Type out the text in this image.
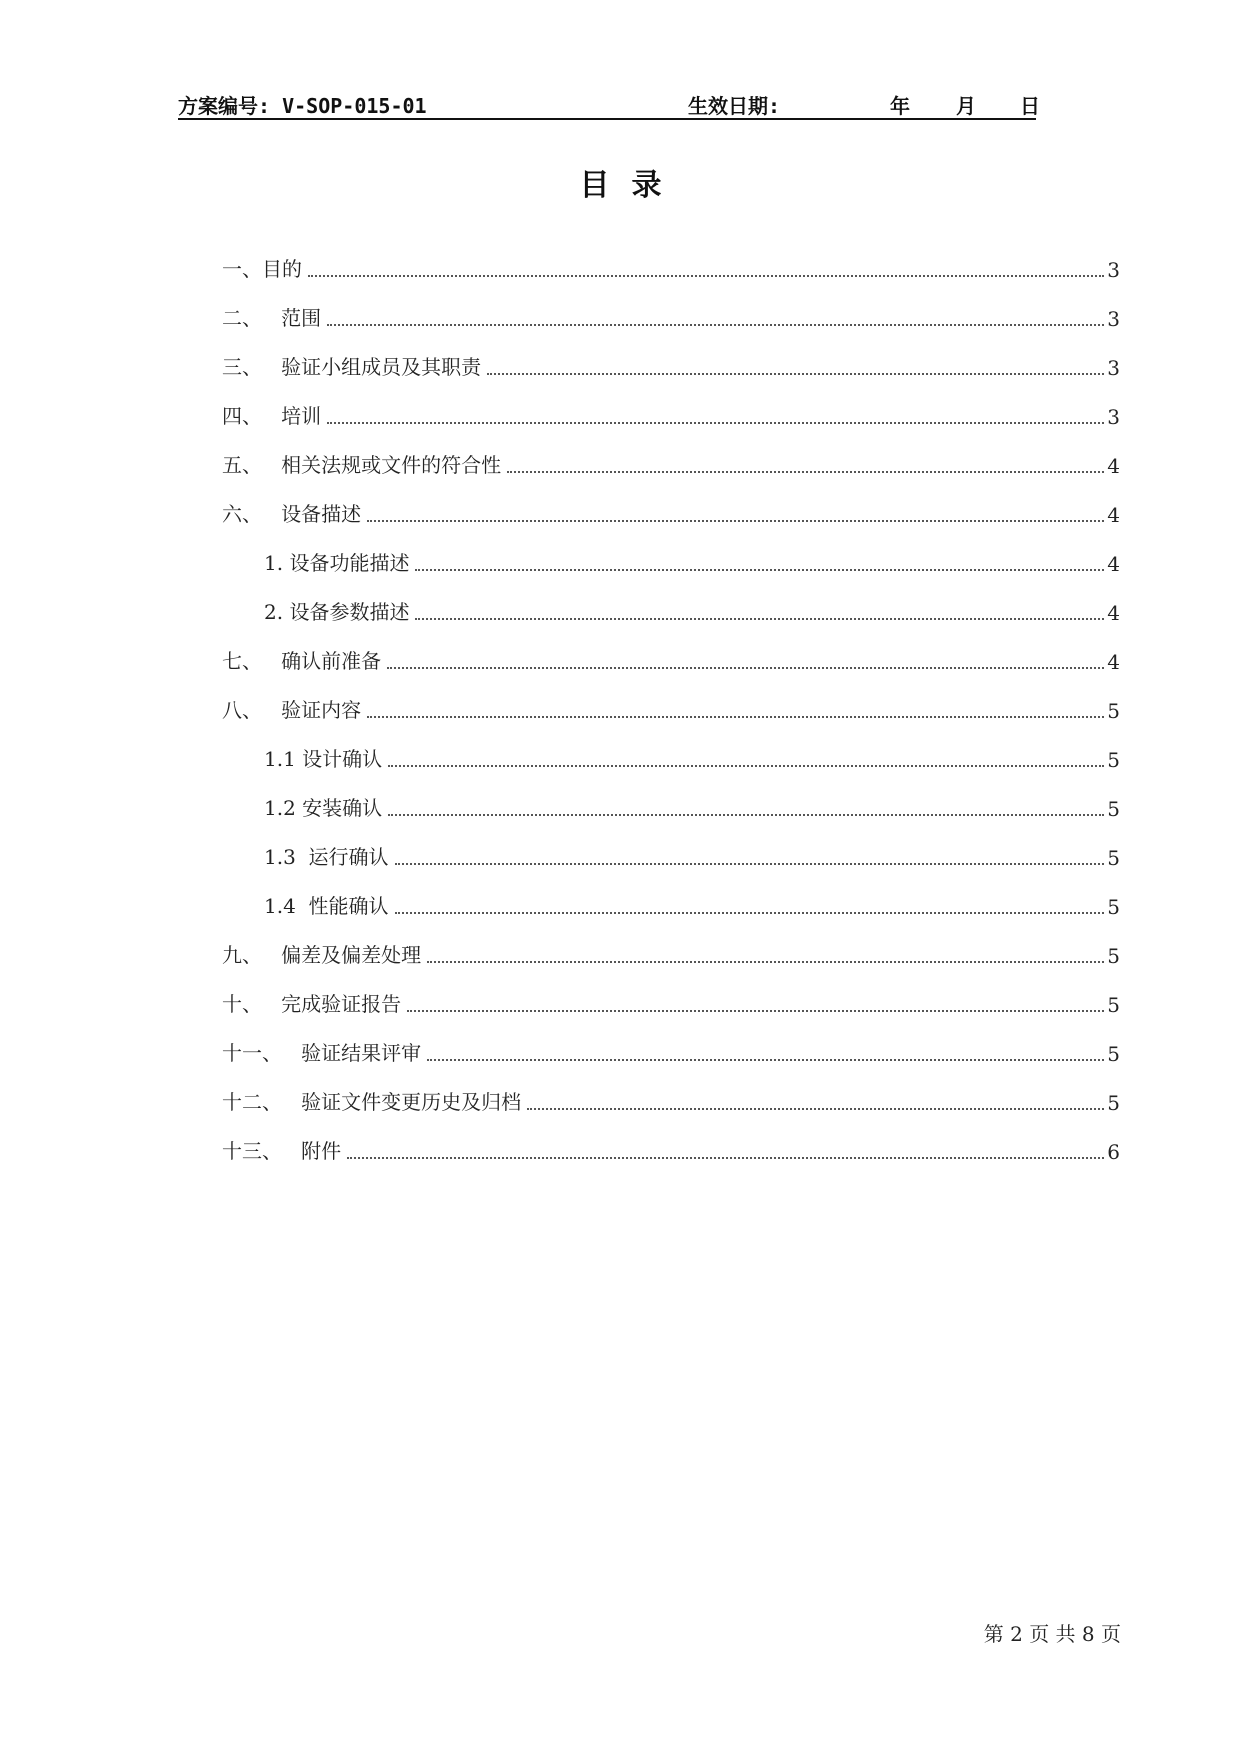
方案编号: V-SOP-015-01	生效日期:	年 月 日
目录
一、目的	3
二、   范围	3
三、   验证小组成员及其职责	3
四、   培训	3
五、   相关法规或文件的符合性	4
六、   设备描述	4
1. 设备功能描述	4
2. 设备参数描述	4
七、   确认前准备	4
八、   验证内容	5
1.1 设计确认	5
1.2 安装确认	5
1.3  运行确认	5
1.4  性能确认	5
九、   偏差及偏差处理	5
十、   完成验证报告	5
十一、   验证结果评审	5
十二、   验证文件变更历史及归档	5
十三、   附件	6
第 2 页 共 8 页
